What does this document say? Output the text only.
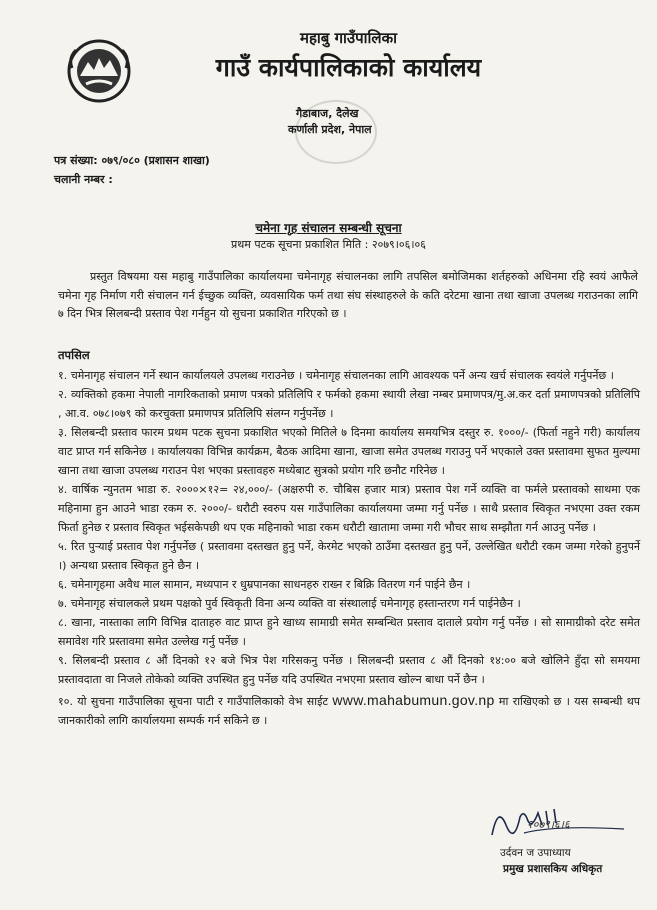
महाबु गाउँपालिका
गाउँ कार्यपालिकाको कार्यालय
गैडाबाज, दैलेख
कर्णाली प्रदेश, नेपाल
पत्र संख्या: ०७९/०८० (प्रशासन शाखा)
चलानी नम्बर :
चमेना गृह संचालन सम्बन्धी सूचना
प्रथम पटक सूचना प्रकाशित मिति : २०७९।०६।०६
प्रस्तुत विषयमा यस महाबु गाउँपालिका कार्यालयमा चमेनागृह संचालनका लागि तपसिल बमोजिमका शर्तहरुको अधिनमा रहि स्वयं आफैले चमेना गृह निर्माण गरी संचालन गर्न ईच्छुक व्यक्ति, व्यवसायिक फर्म तथा संघ संस्थाहरुले के कति दरेटमा खाना तथा खाजा उपलब्ध गराउनका लागि ७ दिन भित्र सिलबन्दी प्रस्ताव पेश गर्नहुन यो सुचना प्रकाशित गरिएको छ ।
तपसिल

१. चमेनागृह संचालन गर्ने स्थान कार्यालयले उपलब्ध गराउनेछ । चमेनागृह संचालनका लागि आवश्यक पर्ने अन्य खर्च संचालक स्वयंले गर्नुपर्नेछ ।

२. व्यक्तिको हकमा नेपाली नागरिकताको प्रमाण पत्रको प्रतिलिपि र फर्मको हकमा स्थायी लेखा नम्बर प्रमाणपत्र/मु.अ.कर दर्ता प्रमाणपत्रको प्रतिलिपि , आ.व. ०७८।०७९ को करचुक्ता प्रमाणपत्र प्रतिलिपि संलग्न गर्नुपर्नेछ ।

३. सिलबन्दी प्रस्ताव फारम प्रथम पटक सुचना प्रकाशित भएको मितिले ७ दिनमा कार्यालय समयभित्र दस्तुर रु. १०००/- (फिर्ता नहुने गरी) कार्यालय वाट प्राप्त गर्न सकिनेछ । कार्यालयका विभिन्न कार्यक्रम, बैठक आदिमा खाना, खाजा समेत उपलब्ध गराउनु पर्ने भएकाले उक्त प्रस्तावमा सुफत मुल्यमा खाना तथा खाजा उपलब्ध गराउन पेश भएका प्रस्तावहरु मध्येबाट सुत्रको प्रयोग गरि छनौट गरिनेछ ।

४. वार्षिक न्युनतम भाडा रु. २०००×१२= २४,०००/- (अक्षरुपी रु. चौबिस हजार मात्र) प्रस्ताव पेश गर्ने व्यक्ति वा फर्मले प्रस्तावको साथमा एक महिनामा हुन आउने भाडा रकम रु. २०००/- धरौटी स्वरुप यस गाउँपालिका कार्यालयमा जम्मा गर्नु पर्नेछ । साथै प्रस्ताव स्विकृत नभएमा उक्त रकम फिर्ता हुनेछ र प्रस्ताव स्विकृत भईसकेपछी थप एक महिनाको भाडा रकम धरौटी खातामा जम्मा गरी भौचर साथ सम्झौता गर्न आउनु पर्नेछ ।

५. रित पुऱ्याई प्रस्ताव पेश गर्नुपर्नेछ ( प्रस्तावमा दस्तखत हुनु पर्ने, केरमेट भएको ठाउँमा दस्तखत हुनु पर्ने, उल्लेखित धरौटी रकम जम्मा गरेको हुनुपर्ने ।) अन्यथा प्रस्ताव स्विकृत हुने छैन ।

६. चमेनागृहमा अवैध माल सामान, मध्यपान र धुम्रपानका साधनहरु राख्न र बिक्रि वितरण गर्न पाईने छैन ।

७. चमेनागृह संचालकले प्रथम पक्षको पुर्व स्विकृती विना अन्य व्यक्ति वा संस्थालाई चमेनागृह हस्तान्तरण गर्न पाईनेछैन ।

८. खाना, नास्ताका लागि विभिन्न दाताहरु वाट प्राप्त हुने खाध्य सामाग्री समेत सम्बन्धित प्रस्ताव दाताले प्रयोग गर्नु पर्नेछ । सो सामाग्रीको दरेट समेत समावेश गरि प्रस्तावमा समेत उल्लेख गर्नु पर्नेछ ।

९. सिलबन्दी प्रस्ताव ८ औं दिनको १२ बजे भित्र पेश गरिसकनु पर्नेछ । सिलबन्दी प्रस्ताव ८ औं दिनको १४:०० बजे खोलिने हुँदा सो समयमा प्रस्तावदाता वा निजले तोकेको व्यक्ति उपस्थित हुनु पर्नेछ यदि उपस्थित नभएमा प्रस्ताव खोल्न बाधा पर्ने छैन ।

१०. यो सुचना गाउँपालिका सूचना पाटी र गाउँपालिकाको वेभ साईट www.mahabumun.gov.np मा राखिएको छ । यस सम्बन्धी थप जानकारीको लागि कार्यालयमा सम्पर्क गर्न सकिने छ ।

२०७९।६।६
उर्दवन ज उपाध्याय
प्रमुख प्रशासकिय अधिकृत
